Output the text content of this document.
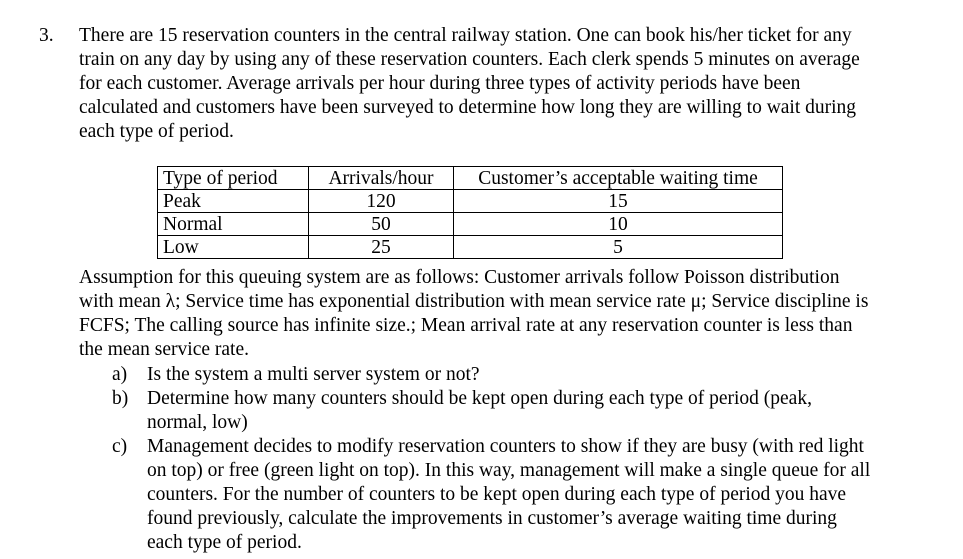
3. There are 15 reservation counters in the central railway station. One can book his/her ticket for any
train on any day by using any of these reservation counters. Each clerk spends 5 minutes on average
for each customer. Average arrivals per hour during three types of activity periods have been
calculated and customers have been surveyed to determine how long they are willing to wait during
each type of period.
Type of period	Arrivals/hour	Customer’s acceptable waiting time
Peak	120	15
Normal	50	10
Low	25	5
Assumption for this queuing system are as follows: Customer arrivals follow Poisson distribution
with mean λ; Service time has exponential distribution with mean service rate μ; Service discipline is
FCFS; The calling source has infinite size.; Mean arrival rate at any reservation counter is less than
the mean service rate.
a) Is the system a multi server system or not?
b) Determine how many counters should be kept open during each type of period (peak,
normal, low)
c) Management decides to modify reservation counters to show if they are busy (with red light
on top) or free (green light on top). In this way, management will make a single queue for all
counters. For the number of counters to be kept open during each type of period you have
found previously, calculate the improvements in customer’s average waiting time during
each type of period.
